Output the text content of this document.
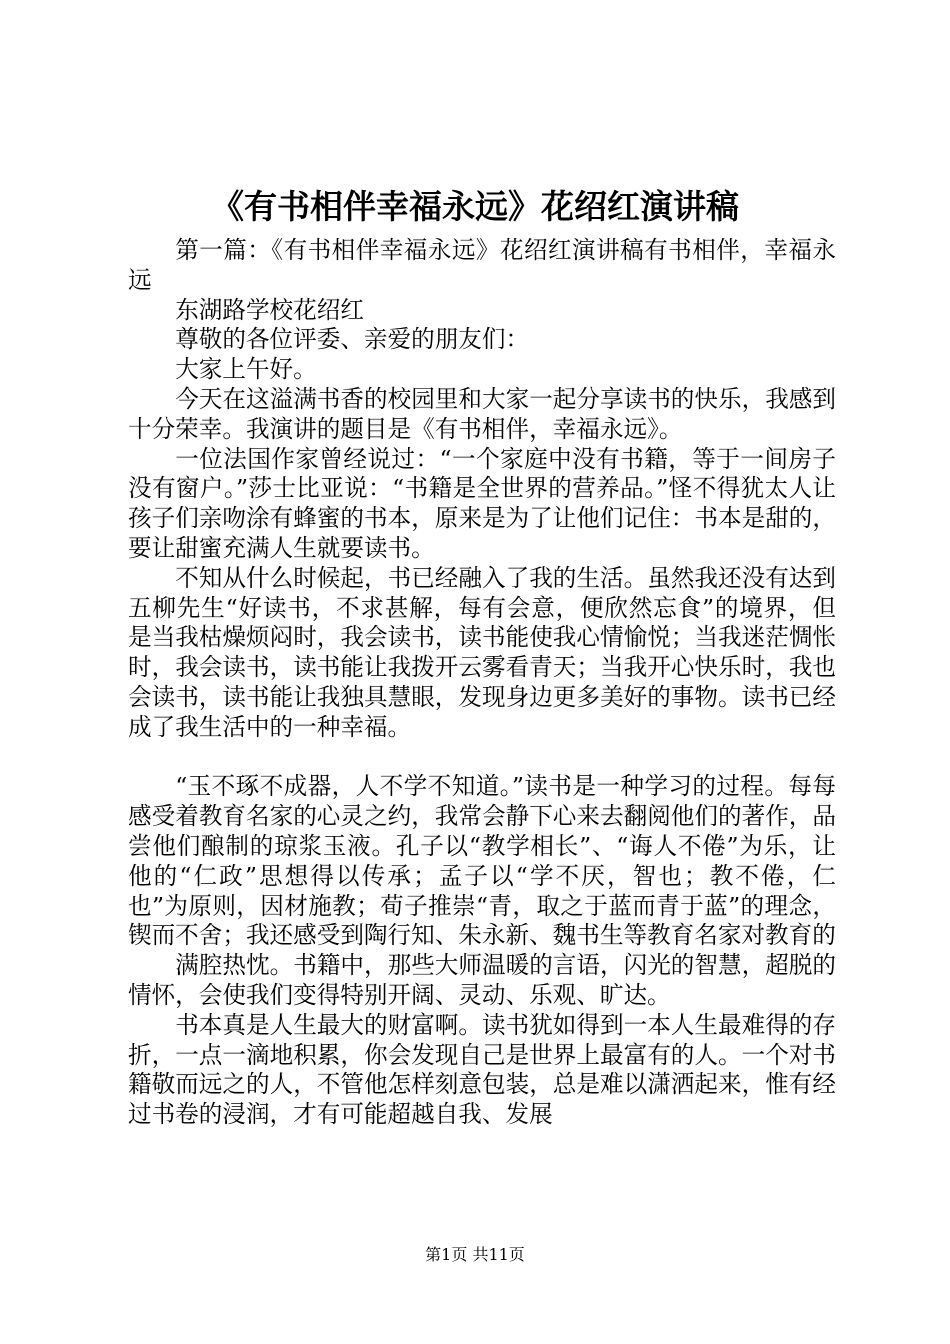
《有书相伴幸福永远》花绍红演讲稿

第一篇：《有书相伴幸福永远》花绍红演讲稿有书相伴，幸福永远

东湖路学校花绍红

尊敬的各位评委、亲爱的朋友们：

大家上午好。

今天在这溢满书香的校园里和大家一起分享读书的快乐，我感到十分荣幸。我演讲的题目是《有书相伴，幸福永远》。

一位法国作家曾经说过：“一个家庭中没有书籍，等于一间房子没有窗户。”莎士比亚说：“书籍是全世界的营养品。”怪不得犹太人让孩子们亲吻涂有蜂蜜的书本，原来是为了让他们记住：书本是甜的，要让甜蜜充满人生就要读书。

不知从什么时候起，书已经融入了我的生活。虽然我还没有达到五柳先生“好读书，不求甚解，每有会意，便欣然忘食”的境界，但是当我枯燥烦闷时，我会读书，读书能使我心情愉悦；当我迷茫惆怅时，我会读书，读书能让我拨开云雾看青天；当我开心快乐时，我也会读书，读书能让我独具慧眼，发现身边更多美好的事物。读书已经成了我生活中的一种幸福。

“玉不琢不成器，人不学不知道。”读书是一种学习的过程。每每感受着教育名家的心灵之约，我常会静下心来去翻阅他们的著作，品尝他们酿制的琼浆玉液。孔子以“教学相长”、“诲人不倦”为乐，让他的“仁政”思想得以传承；孟子以“学不厌，智也；教不倦，仁也”为原则，因材施教；荀子推崇“青，取之于蓝而青于蓝”的理念，锲而不舍；我还感受到陶行知、朱永新、魏书生等教育名家对教育的

满腔热忱。书籍中，那些大师温暖的言语，闪光的智慧，超脱的情怀，会使我们变得特别开阔、灵动、乐观、旷达。

书本真是人生最大的财富啊。读书犹如得到一本人生最难得的存折，一点一滴地积累，你会发现自己是世界上最富有的人。一个对书籍敬而远之的人，不管他怎样刻意包装，总是难以潇洒起来，惟有经过书卷的浸润，才有可能超越自我、发展

第1页 共11页
